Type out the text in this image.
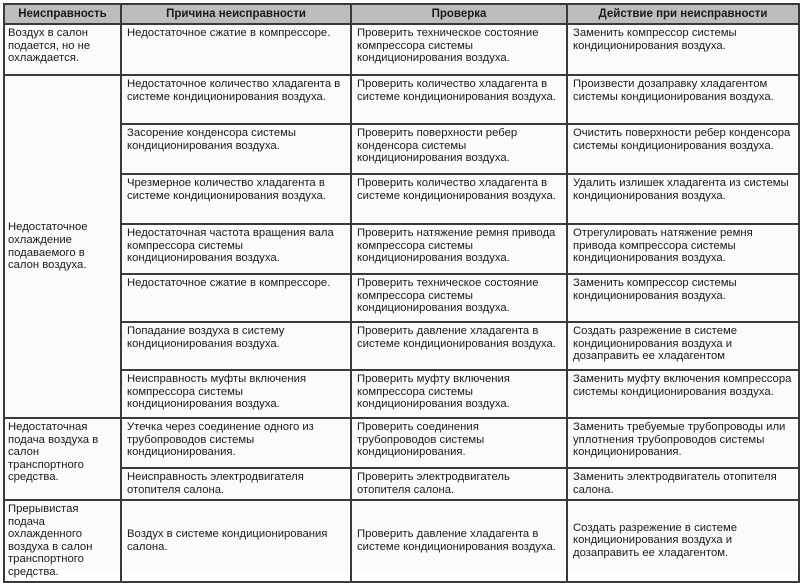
Неисправность	Причина неисправности	Проверка	Действие при неисправности
Воздух в салон подается, но не охлаждается.	Недостаточное сжатие в компрессоре.	Проверить техническое состояние компрессора системы кондиционирования воздуха.	Заменить компрессор системы кондиционирования воздуха.
Недостаточное охлаждение подаваемого в салон воздуха.	Недостаточное количество хладагента в системе кондиционирования воздуха.	Проверить количество хладагента в системе кондиционирования воздуха.	Произвести дозаправку хладагентом системы кондиционирования воздуха.
	Засорение конденсора системы кондиционирования воздуха.	Проверить поверхности ребер конденсора системы кондиционирования воздуха.	Очистить поверхности ребер конденсора системы кондиционирования воздуха.
	Чрезмерное количество хладагента в системе кондиционирования воздуха.	Проверить количество хладагента в системе кондиционирования воздуха.	Удалить излишек хладагента из системы кондиционирования воздуха.
	Недостаточная частота вращения вала компрессора системы кондиционирования воздуха.	Проверить натяжение ремня привода компрессора системы кондиционирования воздуха.	Отрегулировать натяжение ремня привода компрессора системы кондиционирования воздуха.
	Недостаточное сжатие в компрессоре.	Проверить техническое состояние компрессора системы кондиционирования воздуха.	Заменить компрессор системы кондиционирования воздуха.
	Попадание воздуха в систему кондиционирования воздуха.	Проверить давление хладагента в системе кондиционирования воздуха.	Создать разрежение в системе кондиционирования воздуха и дозаправить ее хладагентом
	Неисправность муфты включения компрессора системы кондиционирования воздуха.	Проверить муфту включения компрессора системы кондиционирования воздуха.	Заменить муфту включения компрессора системы кондиционирования воздуха.
Недостаточная подача воздуха в салон транспортного средства.	Утечка через соединение одного из трубопроводов системы кондиционирования.	Проверить соединения трубопроводов системы кондиционирования.	Заменить требуемые трубопроводы или уплотнения трубопроводов системы кондиционирования.
	Неисправность электродвигателя отопителя салона.	Проверить электродвигатель отопителя салона.	Заменить электродвигатель отопителя салона.
Прерывистая подача охлажденного воздуха в салон транспортного средства.	Воздух в системе кондиционирования салона.	Проверить давление хладагента в системе кондиционирования воздуха.	Создать разрежение в системе кондиционирования воздуха и дозаправить ее хладагентом.
